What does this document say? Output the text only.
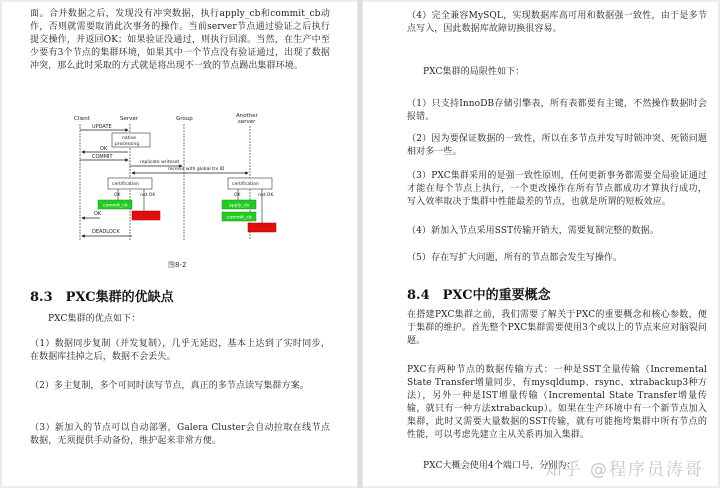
面。合并数据之后，发现没有冲突数据，执行apply_cb和commit_cb动作，否则就需要取消此次事务的操作。当前server节点通过验证之后执行提交操作，并返回OK；如果验证没通过，则执行回滚。当然，在生产中至少要有3个节点的集群环境，如果其中一个节点没有验证通过，出现了数据冲突，那么此时采取的方式就是将出现不一致的节点踢出集群环境。

Client	Server	Group	Another
server
UPDATE
native
processing
OK
COMMIT
replicate writeset
receive with global trx ID
certification	certification
OK	not OK	OK	not OK
commit_cb	apply_cb
commit_cb
OK
DEADLOCK
图8-2
8.3　PXC集群的优缺点

PXC集群的优点如下：

（1）数据同步复制（并发复制），几乎无延迟，基本上达到了实时同步，在数据库挂掉之后，数据不会丢失。

（2）多主复制，多个可同时读写节点，真正的多节点读写集群方案。

（3）新加入的节点可以自动部署，Galera Cluster会自动拉取在线节点数据，无须提供手动备份，维护起来非常方便。

（4）完全兼容MySQL，实现数据库高可用和数据强一致性，由于是多节点写入，因此数据库故障切换很容易。

PXC集群的局限性如下：

（1）只支持InnoDB存储引擎表，所有表都要有主键，不然操作数据时会报错。

（2）因为要保证数据的一致性，所以在多节点并发写时锁冲突、死锁问题相对多一些。

（3）PXC集群采用的是强一致性原则，任何更新事务都需要全局验证通过才能在每个节点上执行，一个更改操作在所有节点都成功才算执行成功，写入效率取决于集群中性能最差的节点，也就是所谓的短板效应。

（4）新加入节点采用SST传输开销大，需要复制完整的数据。

（5）存在写扩大问题，所有的节点都会发生写操作。

8.4　PXC中的重要概念

在搭建PXC集群之前，我们需要了解关于PXC的重要概念和核心参数，便于集群的维护。首先整个PXC集群需要使用3个或以上的节点来应对脑裂问题。

PXC有两种节点的数据传输方式：一种是SST全量传输（Incremental State Transfer增量同步，有mysqldump、rsync、xtrabackup3种方法），另外一种是IST增量传输（Incremental State Transfer增量传输，就只有一种方法xtrabackup）。如果在生产环境中有一个新节点加入集群，此时又需要大量数据的SST传输，就有可能拖垮集群中所有节点的性能，可以考虑先建立主从关系再加入集群。

PXC大概会使用4个端口号，分别为：

知乎 @程序员涛哥
